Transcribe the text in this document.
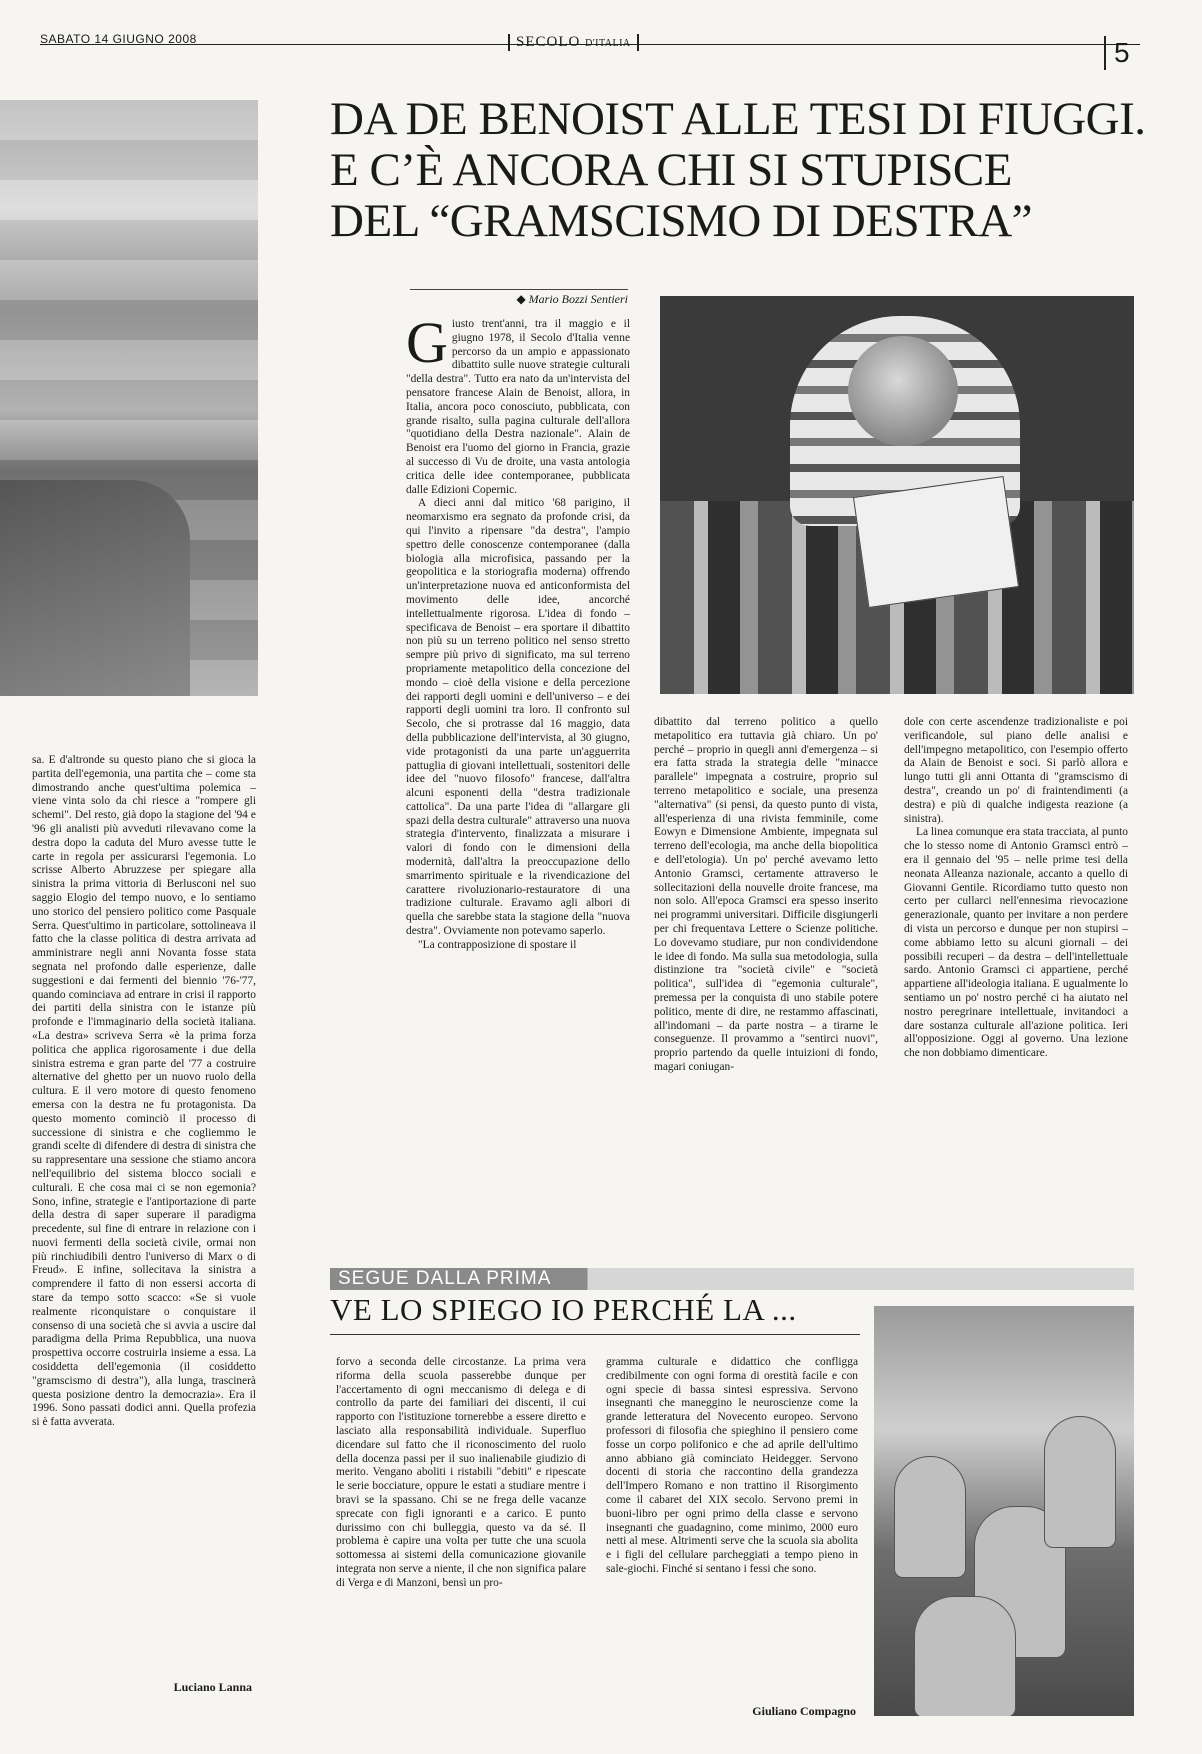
SABATO 14 GIUGNO 2008	SECOLO D'ITALIA	5
DA DE BENOIST ALLE TESI DI FIUGGI.
E C’È ANCORA CHI SI STUPISCE
DEL “GRAMSCISMO DI DESTRA”
◆ Mario Bozzi Sentieri
G iusto trent'anni, tra il maggio e il giugno 1978, il Secolo d'Italia venne percorso da un ampio e appassionato dibattito sulle nuove strategie culturali "della destra". Tutto era nato da un'intervista del pensatore francese Alain de Benoist, allora, in Italia, ancora poco conosciuto, pubblicata, con grande risalto, sulla pagina culturale dell'allora "quotidiano della Destra nazionale". Alain de Benoist era l'uomo del giorno in Francia, grazie al successo di Vu de droite, una vasta antologia critica delle idee contemporanee, pubblicata dalle Edizioni Copernic.

A dieci anni dal mitico '68 parigino, il neomarxismo era segnato da profonde crisi, da qui l'invito a ripensare "da destra", l'ampio spettro delle conoscenze contemporanee (dalla biologia alla microfisica, passando per la geopolitica e la storiografia moderna) offrendo un'interpretazione nuova ed anticonformista del movimento delle idee, ancorché intellettualmente rigorosa. L'idea di fondo – specificava de Benoist – era sportare il dibattito non più su un terreno politico nel senso stretto sempre più privo di significato, ma sul terreno propriamente metapolitico della concezione del mondo – cioè della visione e della percezione dei rapporti degli uomini e dell'universo – e dei rapporti degli uomini tra loro. Il confronto sul Secolo, che si protrasse dal 16 maggio, data della pubblicazione dell'intervista, al 30 giugno, vide protagonisti da una parte un'agguerrita pattuglia di giovani intellettuali, sostenitori delle idee del "nuovo filosofo" francese, dall'altra alcuni esponenti della "destra tradizionale cattolica". Da una parte l'idea di "allargare gli spazi della destra culturale" attraverso una nuova strategia d'intervento, finalizzata a misurare i valori di fondo con le dimensioni della modernità, dall'altra la preoccupazione dello smarrimento spirituale e la rivendicazione del carattere rivoluzionario-restauratore di una tradizione culturale. Eravamo agli albori di quella che sarebbe stata la stagione della "nuova destra". Ovviamente non potevamo saperlo.

"La contrapposizione di spostare il

dibattito dal terreno politico a quello metapolitico era tuttavia già chiaro. Un po' perché – proprio in quegli anni d'emergenza – si era fatta strada la strategia delle "minacce parallele" impegnata a costruire, proprio sul terreno metapolitico e sociale, una presenza "alternativa" (si pensi, da questo punto di vista, all'esperienza di una rivista femminile, come Eowyn e Dimensione Ambiente, impegnata sul terreno dell'ecologia, ma anche della biopolitica e dell'etologia). Un po' perché avevamo letto Antonio Gramsci, certamente attraverso le sollecitazioni della nouvelle droite francese, ma non solo. All'epoca Gramsci era spesso inserito nei programmi universitari. Difficile disgiungerli per chi frequentava Lettere o Scienze politiche. Lo dovevamo studiare, pur non condividendone le idee di fondo. Ma sulla sua metodologia, sulla distinzione tra "società civile" e "società politica", sull'idea di "egemonia culturale", premessa per la conquista di uno stabile potere politico, mente di dire, ne restammo affascinati, all'indomani – da parte nostra – a tirarne le conseguenze. Il provammo a "sentirci nuovi", proprio partendo da quelle intuizioni di fondo, magari coniugan-

dole con certe ascendenze tradizionaliste e poi verificandole, sul piano delle analisi e dell'impegno metapolitico, con l'esempio offerto da Alain de Benoist e soci. Si parlò allora e lungo tutti gli anni Ottanta di "gramscismo di destra", creando un po' di fraintendimenti (a destra) e più di qualche indigesta reazione (a sinistra).

La linea comunque era stata tracciata, al punto che lo stesso nome di Antonio Gramsci entrò – era il gennaio del '95 – nelle prime tesi della neonata Alleanza nazionale, accanto a quello di Giovanni Gentile. Ricordiamo tutto questo non certo per cullarci nell'ennesima rievocazione generazionale, quanto per invitare a non perdere di vista un percorso e dunque per non stupirsi – come abbiamo letto su alcuni giornali – dei possibili recuperi – da destra – dell'intellettuale sardo. Antonio Gramsci ci appartiene, perché appartiene all'ideologia italiana. E ugualmente lo sentiamo un po' nostro perché ci ha aiutato nel nostro peregrinare intellettuale, invitandoci a dare sostanza culturale all'azione politica. Ieri all'opposizione. Oggi al governo. Una lezione che non dobbiamo dimenticare.

sa. E d'altronde su questo piano che si gioca la partita dell'egemonia, una partita che – come sta dimostrando anche quest'ultima polemica – viene vinta solo da chi riesce a "rompere gli schemi". Del resto, già dopo la stagione del '94 e '96 gli analisti più avveduti rilevavano come la destra dopo la caduta del Muro avesse tutte le carte in regola per assicurarsi l'egemonia. Lo scrisse Alberto Abruzzese per spiegare alla sinistra la prima vittoria di Berlusconi nel suo saggio Elogio del tempo nuovo, e lo sentiamo uno storico del pensiero politico come Pasquale Serra. Quest'ultimo in particolare, sottolineava il fatto che la classe politica di destra arrivata ad amministrare negli anni Novanta fosse stata segnata nel profondo dalle esperienze, dalle suggestioni e dai fermenti del biennio '76-'77, quando cominciava ad entrare in crisi il rapporto dei partiti della sinistra con le istanze più profonde e l'immaginario della società italiana. «La destra» scriveva Serra «è la prima forza politica che applica rigorosamente i due della sinistra estrema e gran parte del '77 a costruire alternative del ghetto per un nuovo ruolo della cultura. E il vero motore di questo fenomeno emersa con la destra ne fu protagonista. Da questo momento cominciò il processo di successione di sinistra e che cogliemmo le grandi scelte di difendere di destra di sinistra che su rappresentare una sessione che stiamo ancora nell'equilibrio del sistema blocco sociali e culturali. E che cosa mai ci se non egemonia? Sono, infine, strategie e l'antiportazione di parte della destra di saper superare il paradigma precedente, sul fine di entrare in relazione con i nuovi fermenti della società civile, ormai non più rinchiudibili dentro l'universo di Marx o di Freud». E infine, sollecitava la sinistra a comprendere il fatto di non essersi accorta di stare da tempo sotto scacco: «Se si vuole realmente riconquistare o conquistare il consenso di una società che si avvia a uscire dal paradigma della Prima Repubblica, una nuova prospettiva occorre costruirla insieme a essa. La cosiddetta dell'egemonia (il cosiddetto "gramscismo di destra"), alla lunga, trascinerà questa posizione dentro la democrazia». Era il 1996. Sono passati dodici anni. Quella profezia si è fatta avverata.

Luciano Lanna
SEGUE DALLA PRIMA
VE LO SPIEGO IO PERCHÉ LA ...

forvo a seconda delle circostanze. La prima vera riforma della scuola passerebbe dunque per l'accertamento di ogni meccanismo di delega e di controllo da parte dei familiari dei discenti, il cui rapporto con l'istituzione tornerebbe a essere diretto e lasciato alla responsabilità individuale. Superfluo dicendare sul fatto che il riconoscimento del ruolo della docenza passi per il suo inalienabile giudizio di merito. Vengano aboliti i ristabili "debiti" e ripescate le serie bocciature, oppure le estati a studiare mentre i bravi se la spassano. Chi se ne frega delle vacanze sprecate con figli ignoranti e a carico. E punto durissimo con chi bulleggia, questo va da sé. Il problema è capire una volta per tutte che una scuola sottomessa ai sistemi della comunicazione giovanile integrata non serve a niente, il che non significa palare di Verga e di Manzoni, bensì un pro-

gramma culturale e didattico che confligga credibilmente con ogni forma di orestità facile e con ogni specie di bassa sintesi espressiva. Servono insegnanti che maneggino le neuroscienze come la grande letteratura del Novecento europeo. Servono professori di filosofia che spieghino il pensiero come fosse un corpo polifonico e che ad aprile dell'ultimo anno abbiano già cominciato Heidegger. Servono docenti di storia che raccontino della grandezza dell'Impero Romano e non trattino il Risorgimento come il cabaret del XIX secolo. Servono premi in buoni-libro per ogni primo della classe e servono insegnanti che guadagnino, come minimo, 2000 euro netti al mese. Altrimenti serve che la scuola sia abolita e i figli del cellulare parcheggiati a tempo pieno in sale-giochi. Finché si sentano i fessi che sono.

Giuliano Compagno
